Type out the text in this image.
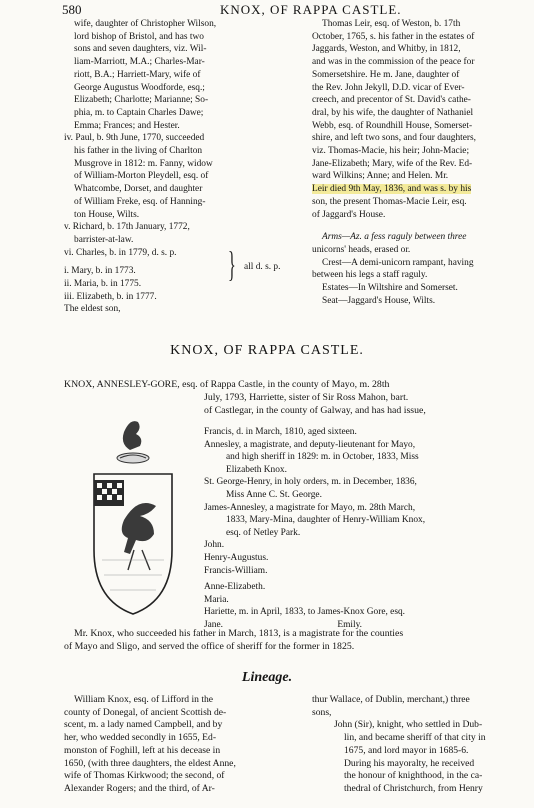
580	KNOX, OF RAPPA CASTLE.
wife, daughter of Christopher Wilson,
lord bishop of Bristol, and has two
sons and seven daughters, viz. Wil-
liam-Marriott, M.A.; Charles-Mar-
riott, B.A.; Harriett-Mary, wife of
George Augustus Woodforde, esq.;
Elizabeth; Charlotte; Marianne; So-
phia, m. to Captain Charles Dawe;
Emma; Frances; and Hester.
iv. Paul, b. 9th June, 1770, succeeded
his father in the living of Charlton
Musgrove in 1812: m. Fanny, widow
of William-Morton Pleydell, esq. of
Whatcombe, Dorset, and daughter
of William Freke, esq. of Hanning-
ton House, Wilts.
v. Richard, b. 17th January, 1772,
barrister-at-law.
vi. Charles, b. in 1779, d. s. p.
i. Mary, b. in 1773.
ii. Maria, b. in 1775.
iii. Elizabeth, b. in 1777.
The eldest son,
} all d. s. p.
Thomas Leir, esq. of Weston, b. 17th
October, 1765, s. his father in the estates of
Jaggards, Weston, and Whitby, in 1812,
and was in the commission of the peace for
Somersetshire. He m. Jane, daughter of
the Rev. John Jekyll, D.D. vicar of Ever-
creech, and precentor of St. David's cathe-
dral, by his wife, the daughter of Nathaniel
Webb, esq. of Roundhill House, Somerset-
shire, and left two sons, and four daughters,
viz. Thomas-Macie, his heir; John-Macie;
Jane-Elizabeth; Mary, wife of the Rev. Ed-
ward Wilkins; Anne; and Helen. Mr.
Leir died 9th May, 1836, and was s. by his
son, the present Thomas-Macie Leir, esq.
of Jaggard's House.
Arms—Az. a fess raguly between three
unicorns' heads, erased or.
Crest—A demi-unicorn rampant, having
between his legs a staff raguly.
Estates—In Wiltshire and Somerset.
Seat—Jaggard's House, Wilts.
KNOX, OF RAPPA CASTLE.
KNOX, ANNESLEY-GORE, esq. of Rappa Castle, in the county of Mayo, m. 28th
July, 1793, Harriette, sister of Sir Ross Mahon, bart.
of Castlegar, in the county of Galway, and has had issue,
Francis, d. in March, 1810, aged sixteen.
Annesley, a magistrate, and deputy-lieutenant for Mayo,
and high sheriff in 1829: m. in October, 1833, Miss
Elizabeth Knox.
St. George-Henry, in holy orders, m. in December, 1836,
Miss Anne C. St. George.
James-Annesley, a magistrate for Mayo, m. 28th March,
1833, Mary-Mina, daughter of Henry-William Knox,
esq. of Netley Park.
John.
Henry-Augustus.
Francis-William.
Anne-Elizabeth.
Maria.
Hariette, m. in April, 1833, to James-Knox Gore, esq.
Jane.	Emily.
Mr. Knox, who succeeded his father in March, 1813, is a magistrate for the counties
of Mayo and Sligo, and served the office of sheriff for the former in 1825.
Lineage.
William Knox, esq. of Lifford in the
county of Donegal, of ancient Scottish de-
scent, m. a lady named Campbell, and by
her, who wedded secondly in 1655, Ed-
monston of Foghill, left at his decease in
1650, (with three daughters, the eldest Anne,
wife of Thomas Kirkwood; the second, of
Alexander Rogers; and the third, of Ar-
thur Wallace, of Dublin, merchant,) three
sons,
John (Sir), knight, who settled in Dub-
lin, and became sheriff of that city in
1675, and lord mayor in 1685-6.
During his mayoralty, he received
the honour of knighthood, in the ca-
thedral of Christchurch, from Henry
